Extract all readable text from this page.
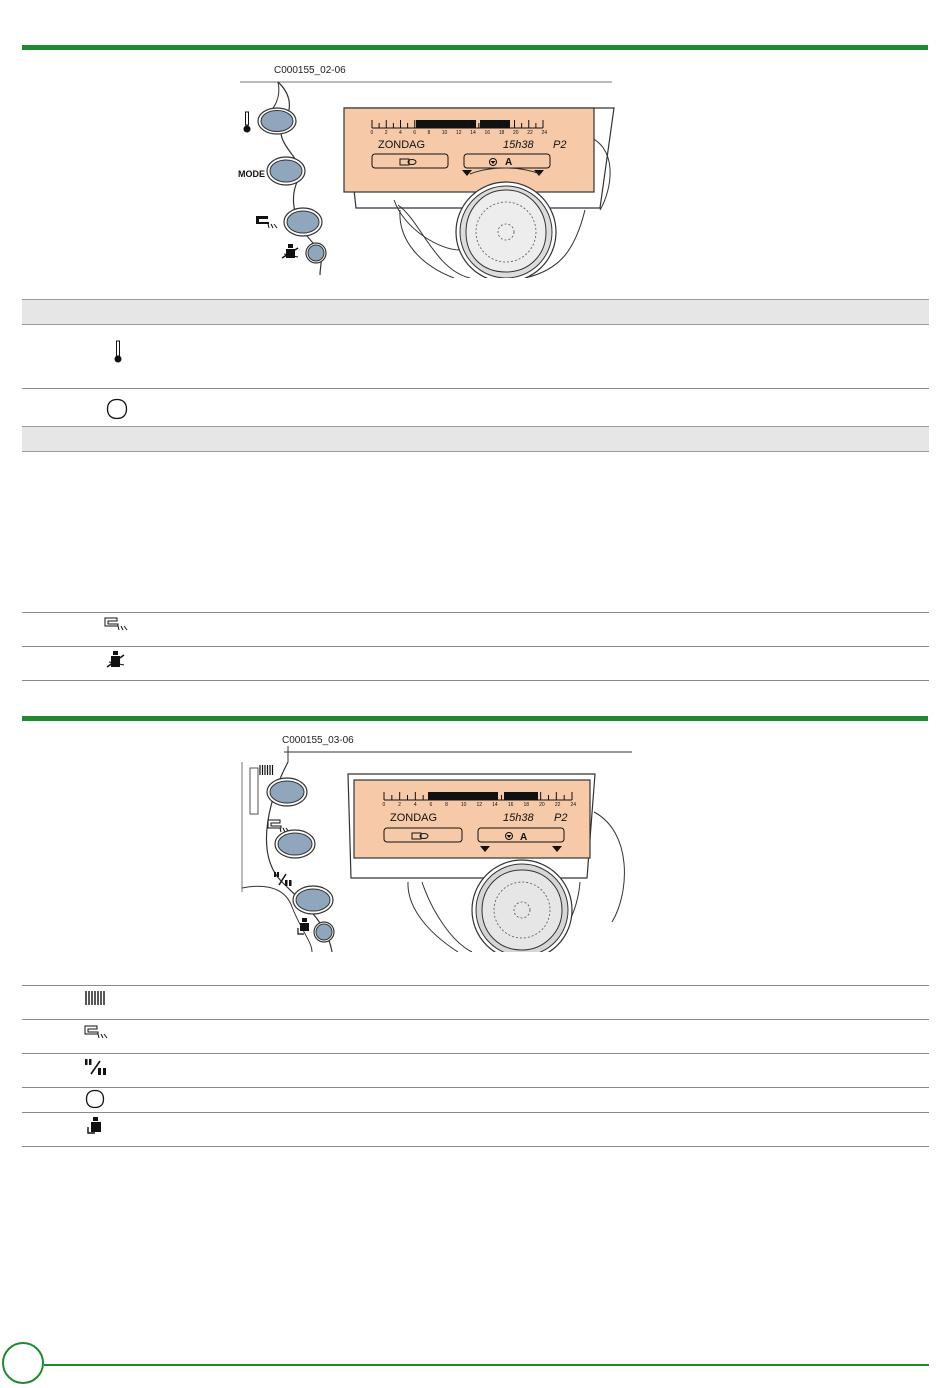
C000155_02-06
MODE
0 2 4 6 8 10 12 14 16 18 20 22 24
ZONDAG	15h38 P2
A
C000155_03-06
0	2	4	6	8	10 12 14 16 18 20 22 24
ZONDAG	15h38 P2
A
